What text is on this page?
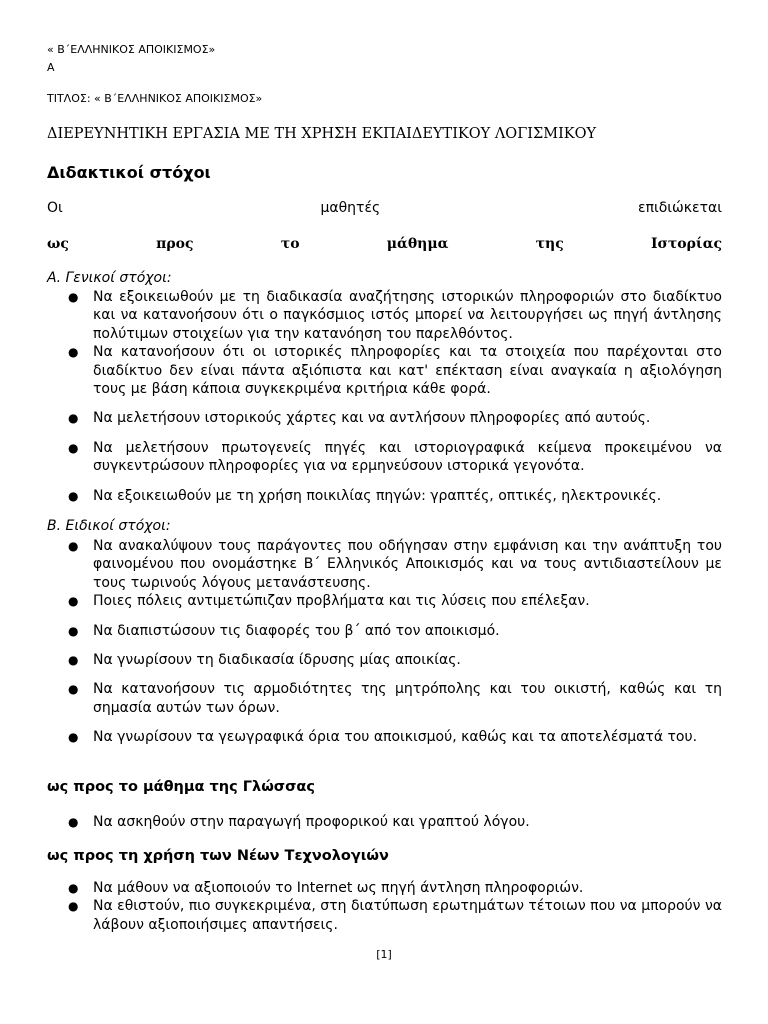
« Β΄ΕΛΛΗΝΙΚΟΣ ΑΠΟΙΚΙΣΜΟΣ»
Α
ΤΙΤΛΟΣ: « Β΄ΕΛΛΗΝΙΚΟΣ ΑΠΟΙΚΙΣΜΟΣ»
ΔΙΕΡΕΥΝΗΤΙΚΗ ΕΡΓΑΣΙΑ ΜΕ ΤΗ ΧΡΗΣΗ ΕΚΠΑΙΔΕΥΤΙΚΟΥ ΛΟΓΙΣΜΙΚΟΥ
Διδακτικοί στόχοι
Οι	μαθητές	επιδιώκεται
ως	προς	το	μάθημα	της	Ιστορίας
Α. Γενικοί στόχοι:

● Να εξοικειωθούν με τη διαδικασία αναζήτησης ιστορικών πληροφοριών στο διαδίκτυο και να κατανοήσουν ότι ο παγκόσμιος ιστός μπορεί να λειτουργήσει ως πηγή άντλησης πολύτιμων στοιχείων για την κατανόηση του παρελθόντος.

● Να κατανοήσουν ότι οι ιστορικές πληροφορίες και τα στοιχεία που παρέχονται στο διαδίκτυο δεν είναι πάντα αξιόπιστα και κατ' επέκταση είναι αναγκαία η αξιολόγηση τους με βάση κάποια συγκεκριμένα κριτήρια κάθε φορά.

● Να μελετήσουν ιστορικούς χάρτες και να αντλήσουν πληροφορίες από αυτούς.

● Να μελετήσουν πρωτογενείς πηγές και ιστοριογραφικά κείμενα προκειμένου να συγκεντρώσουν πληροφορίες για να ερμηνεύσουν ιστορικά γεγονότα.

● Να εξοικειωθούν με τη χρήση ποικιλίας πηγών: γραπτές, οπτικές, ηλεκτρονικές.

Β. Ειδικοί στόχοι:

● Να ανακαλύψουν τους παράγοντες που οδήγησαν στην εμφάνιση και την ανάπτυξη του φαινομένου που ονομάστηκε Β΄ Ελληνικός Αποικισμός και να τους αντιδιαστείλουν με τους τωρινούς λόγους μετανάστευσης.

● Ποιες πόλεις αντιμετώπιζαν προβλήματα και τις λύσεις που επέλεξαν.

● Να διαπιστώσουν τις διαφορές του β΄ από τον αποικισμό.

● Να γνωρίσουν τη διαδικασία ίδρυσης μίας αποικίας.

● Να κατανοήσουν τις αρμοδιότητες της μητρόπολης και του οικιστή, καθώς και τη σημασία αυτών των όρων.

● Να γνωρίσουν τα γεωγραφικά όρια του αποικισμού, καθώς και τα αποτελέσματά του.

ως προς το μάθημα της Γλώσσας

● Να ασκηθούν στην παραγωγή προφορικού και γραπτού λόγου.

ως προς τη χρήση των Νέων Τεχνολογιών

● Να μάθουν να αξιοποιούν το Internet ως πηγή άντληση πληροφοριών.

● Να εθιστούν, πιο συγκεκριμένα, στη διατύπωση ερωτημάτων τέτοιων που να μπορούν να λάβουν αξιοποιήσιμες απαντήσεις.

[1]
